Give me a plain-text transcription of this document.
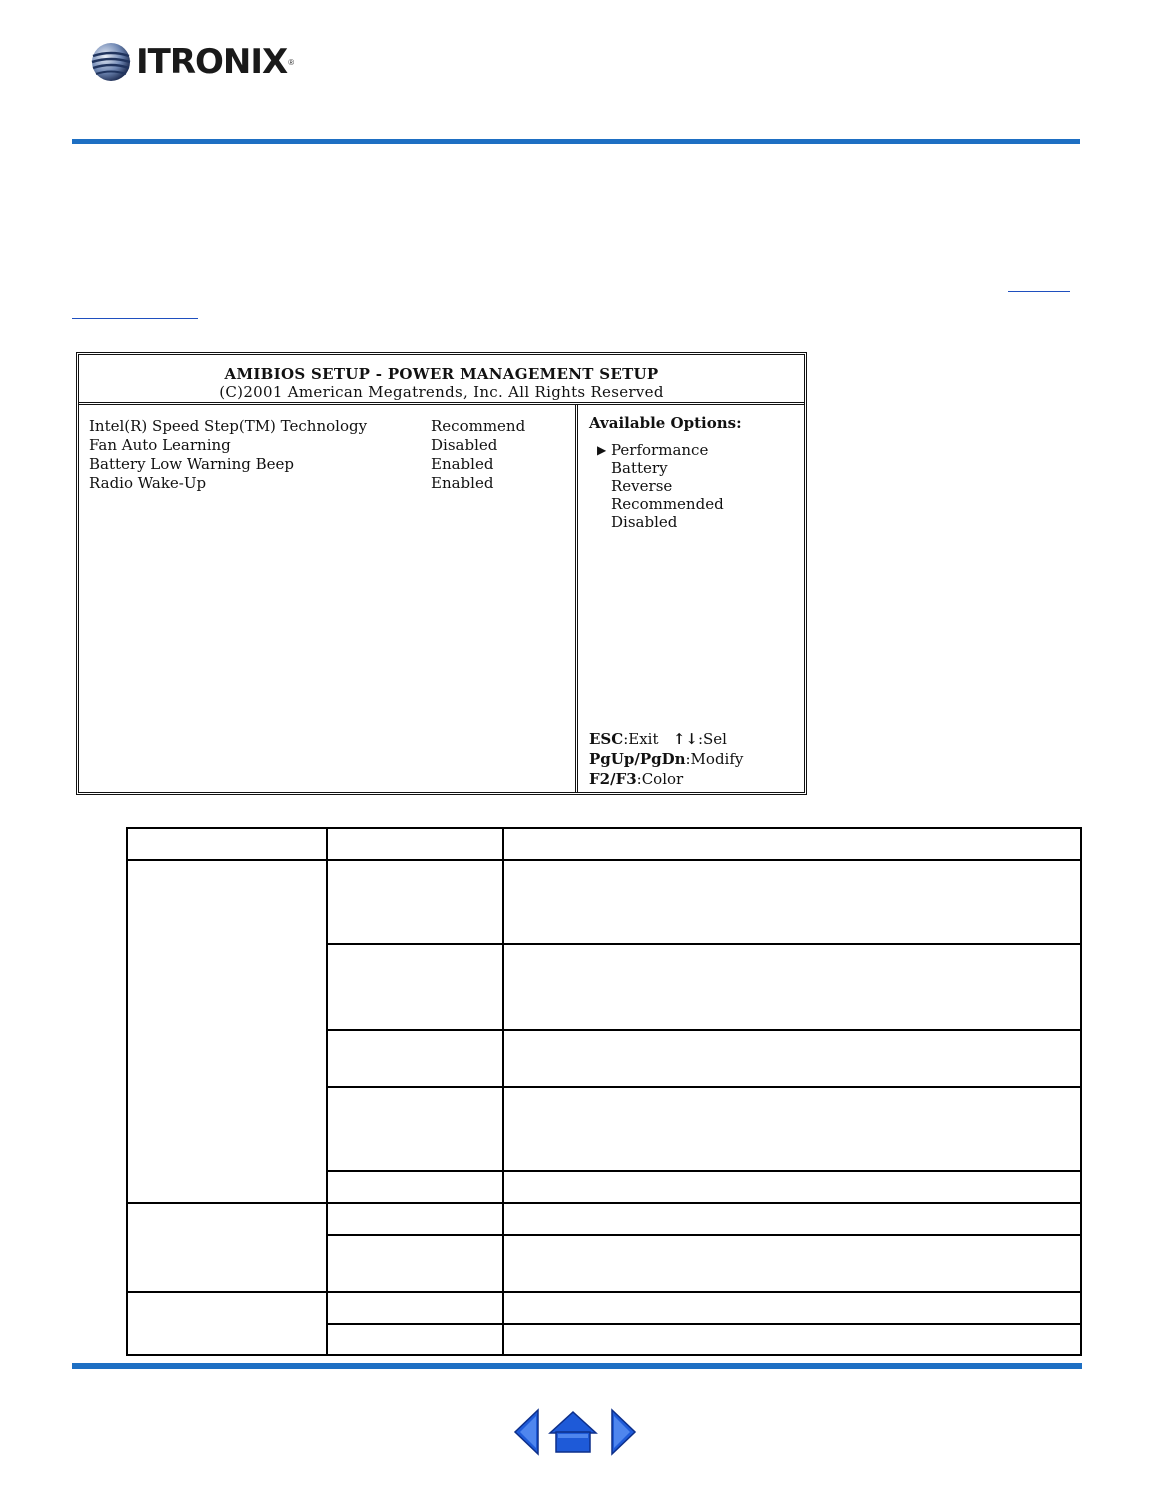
ITRONIX ®
AMIBIOS SETUP - POWER MANAGEMENT SETUP
(C)2001 American Megatrends, Inc. All Rights Reserved
Intel(R) Speed Step(TM) Technology	Recommend
Fan Auto Learning	Disabled
Battery Low Warning Beep	Enabled
Radio Wake-Up	Enabled
Available Options:
▶ Performance
Battery
Reverse
Recommended
Disabled
ESC:Exit ↑↓:Sel
PgUp/PgDn:Modify
F2/F3:Color
